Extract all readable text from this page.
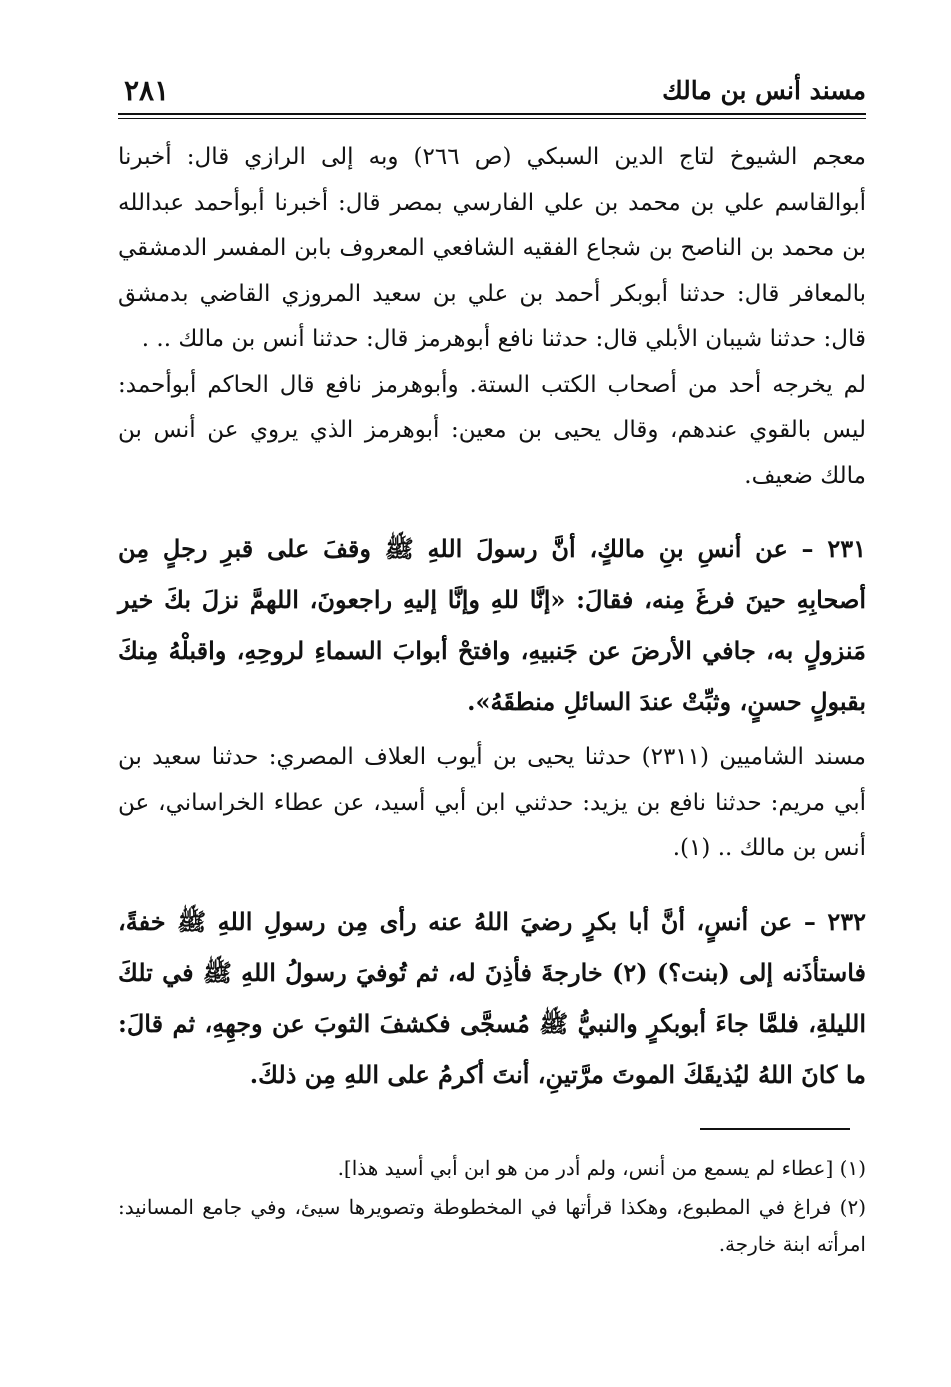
مسند أنس بن مالك
٢٨١

معجم الشيوخ لتاج الدين السبكي (ص ٢٦٦) وبه إلى الرازي قال: أخبرنا أبوالقاسم علي بن محمد بن علي الفارسي بمصر قال: أخبرنا أبوأحمد عبدالله بن محمد بن الناصح بن شجاع الفقيه الشافعي المعروف بابن المفسر الدمشقي بالمعافر قال: حدثنا أبوبكر أحمد بن علي بن سعيد المروزي القاضي بدمشق قال: حدثنا شيبان الأبلي قال: حدثنا نافع أبوهرمز قال: حدثنا أنس بن مالك .. .

لم يخرجه أحد من أصحاب الكتب الستة. وأبوهرمز نافع قال الحاكم أبوأحمد: ليس بالقوي عندهم، وقال يحيى بن معين: أبوهرمز الذي يروي عن أنس بن مالك ضعيف.

٢٣١ – عن أنسِ بنِ مالكٍ، أنَّ رسولَ اللهِ ﷺ وقفَ على قبرِ رجلٍ مِن أصحابِهِ حينَ فرغَ مِنه، فقالَ: «إنَّا للهِ وإنَّا إليهِ راجعونَ، اللهمَّ نزلَ بكَ خير مَنزولٍ به، جافي الأرضَ عن جَنبيهِ، وافتحْ أبوابَ السماءِ لروحِهِ، واقبلْهُ مِنكَ بقبولٍ حسنٍ، وثبِّتْ عندَ السائلِ منطقَهُ».

مسند الشاميين (٢٣١١) حدثنا يحيى بن أيوب العلاف المصري: حدثنا سعيد بن أبي مريم: حدثنا نافع بن يزيد: حدثني ابن أبي أسيد، عن عطاء الخراساني، عن أنس بن مالك .. (١).

٢٣٢ – عن أنسٍ، أنَّ أبا بكرٍ رضيَ اللهُ عنه رأى مِن رسولِ اللهِ ﷺ خفةً، فاستأذَنه إلى (بنت؟) (٢) خارجةَ فأذِنَ له، ثم تُوفيَ رسولُ اللهِ ﷺ في تلكَ الليلةِ، فلمَّا جاءَ أبوبكرٍ والنبيُّ ﷺ مُسجَّى فكشفَ الثوبَ عن وجهِهِ، ثم قالَ: ما كانَ اللهُ ليُذيقَكَ الموتَ مرَّتينِ، أنتَ أكرمُ على اللهِ مِن ذلكَ.

(١) [عطاء لم يسمع من أنس، ولم أدر من هو ابن أبي أسيد هذا].

(٢) فراغ في المطبوع، وهكذا قرأتها في المخطوطة وتصويرها سيئ، وفي جامع المسانيد: امرأته ابنة خارجة.
